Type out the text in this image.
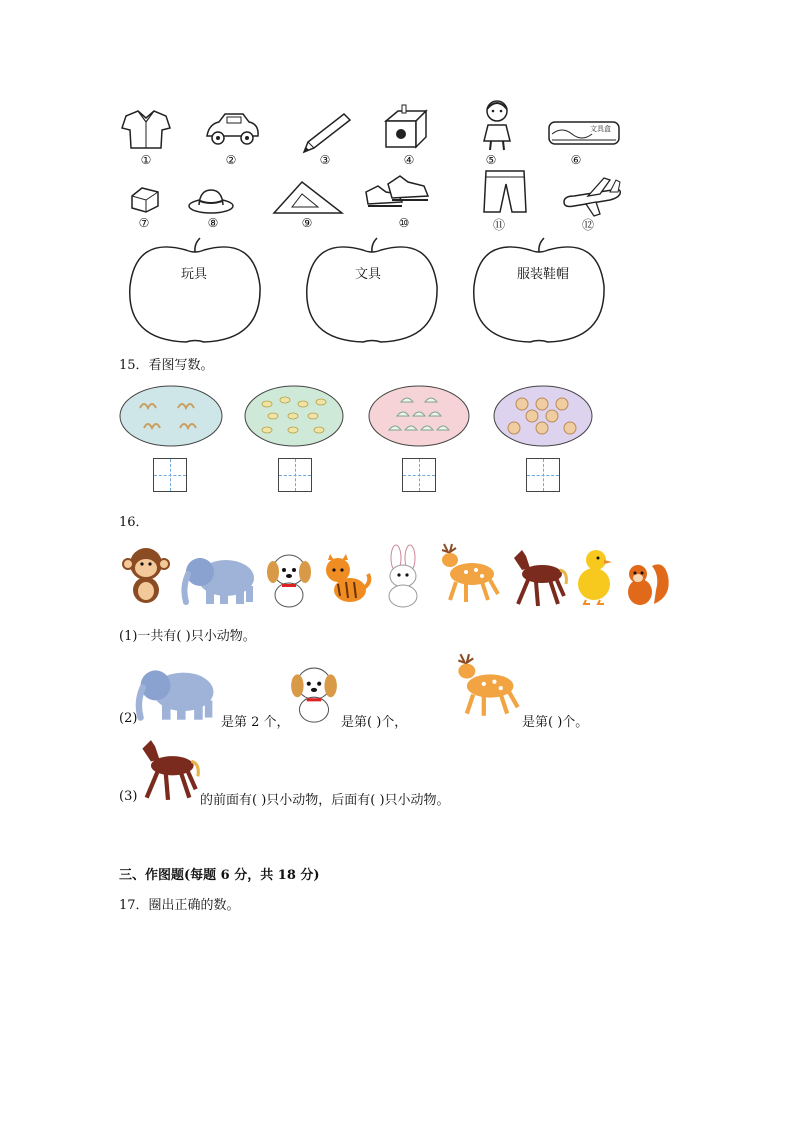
文具盒
①	②	③	④	⑤	⑥
⑦	⑧	⑨	⑩	⑪	⑫
玩具	文具	服装鞋帽
15．看图写数。
16．
(1)一共有( )只小动物。
(2)	是第 2 个，	是第( )个，	是第( )个。
(3)	的前面有( )只小动物，后面有( )只小动物。
三、作图题(每题 6 分，共 18 分)
17．圈出正确的数。
